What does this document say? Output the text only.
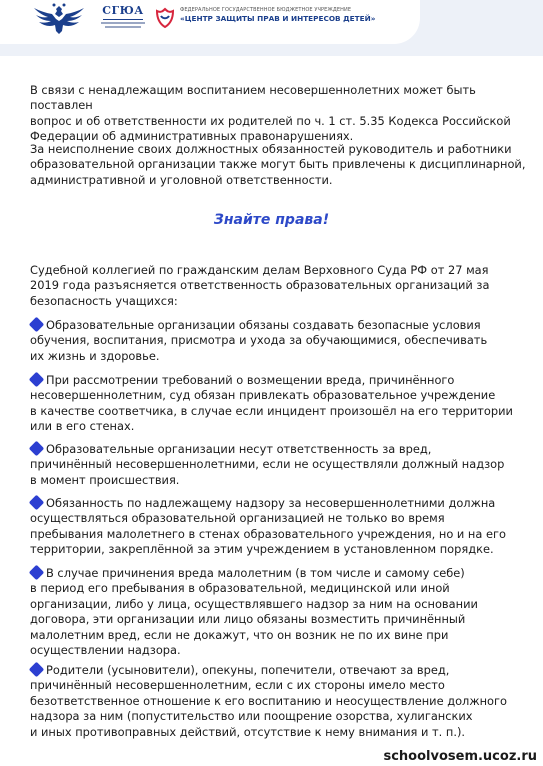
СГЮА	ФЕДЕРАЛЬНОЕ ГОСУДАРСТВЕННОЕ БЮДЖЕТНОЕ УЧРЕЖДЕНИЕ
«ЦЕНТР ЗАЩИТЫ ПРАВ И ИНТЕРЕСОВ ДЕТЕЙ»

В связи с ненадлежащим воспитанием несовершеннолетних может быть поставлен
вопрос и об ответственности их родителей по ч. 1 ст. 5.35 Кодекса Российской
Федерации об административных правонарушениях.

За неисполнение своих должностных обязанностей руководитель и работники
образовательной организации также могут быть привлечены к дисциплинарной,
административной и уголовной ответственности.

Знайте права!

Судебной коллегией по гражданским делам Верховного Суда РФ от 27 мая
2019 года разъясняется ответственность образовательных организаций за
безопасность учащихся:

Образовательные организации обязаны создавать безопасные условия
обучения, воспитания, присмотра и ухода за обучающимися, обеспечивать
их жизнь и здоровье.

При рассмотрении требований о возмещении вреда, причинённого
несовершеннолетним, суд обязан привлекать образовательное учреждение
в качестве соответчика, в случае если инцидент произошёл на его территории
или в его стенах.

Образовательные организации несут ответственность за вред,
причинённый несовершеннолетними, если не осуществляли должный надзор
в момент происшествия.

Обязанность по надлежащему надзору за несовершеннолетними должна
осуществляться образовательной организацией не только во время
пребывания малолетнего в стенах образовательного учреждения, но и на его
территории, закреплённой за этим учреждением в установленном порядке.

В случае причинения вреда малолетним (в том числе и самому себе)
в период его пребывания в образовательной, медицинской или иной
организации, либо у лица, осуществлявшего надзор за ним на основании
договора, эти организации или лицо обязаны возместить причинённый
малолетним вред, если не докажут, что он возник не по их вине при
осуществлении надзора.

Родители (усыновители), опекуны, попечители, отвечают за вред,
причинённый несовершеннолетним, если с их стороны имело место
безответственное отношение к его воспитанию и неосуществление должного
надзора за ним (попустительство или поощрение озорства, хулиганских
и иных противоправных действий, отсутствие к нему внимания и т. п.).

schoolvosem.ucoz.ru
